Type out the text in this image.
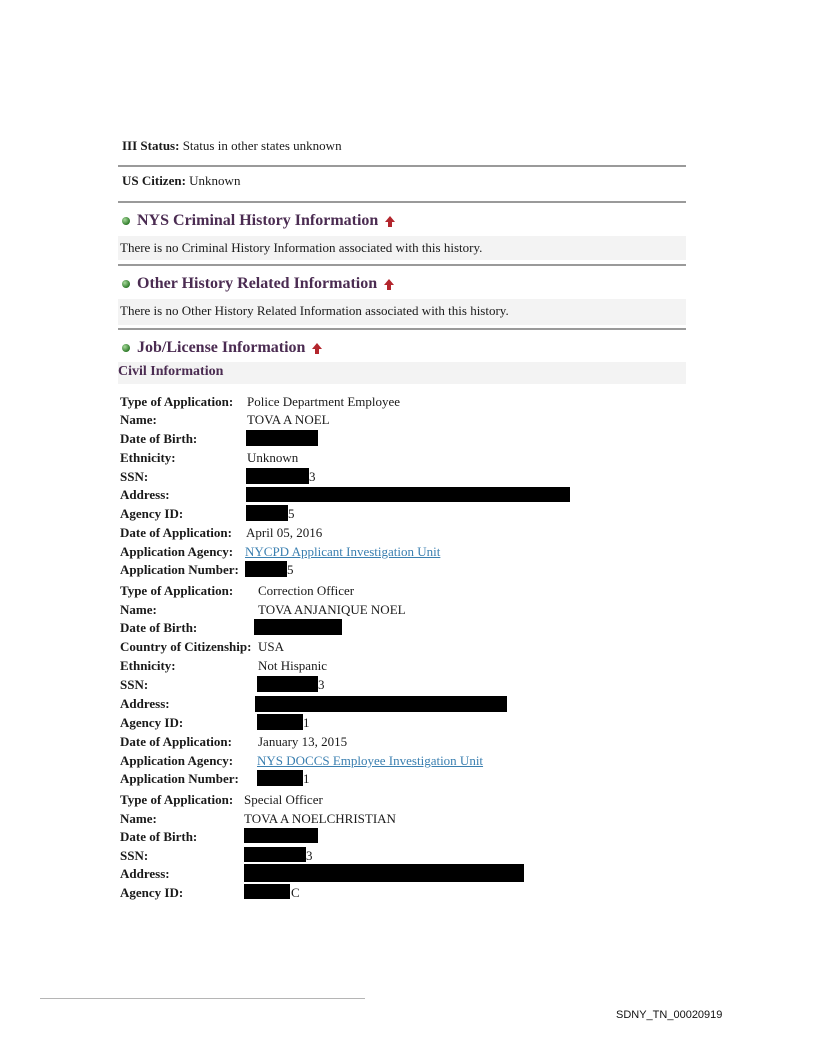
III Status: Status in other states unknown
US Citizen: Unknown
NYS Criminal History Information
There is no Criminal History Information associated with this history.
Other History Related Information
There is no Other History Related Information associated with this history.
Job/License Information
Civil Information
Type of Application: Police Department Employee
Name:	TOVA A NOEL
Date of Birth:
Ethnicity:	Unknown
SSN:	3
Address:
Agency ID:	5
Date of Application: April 05, 2016
Application Agency: NYCPD Applicant Investigation Unit
Application Number:	5
Type of Application: Correction Officer
Name:	TOVA ANJANIQUE NOEL
Date of Birth:
Country of Citizenship: USA
Ethnicity:	Not Hispanic
SSN:	3
Address:
Agency ID:	1
Date of Application: January 13, 2015
Application Agency: NYS DOCCS Employee Investigation Unit
Application Number:	1
Type of Application: Special Officer
Name:	TOVA A NOELCHRISTIAN
Date of Birth:
SSN:	3
Address:
Agency ID:	C
SDNY_TN_00020919
